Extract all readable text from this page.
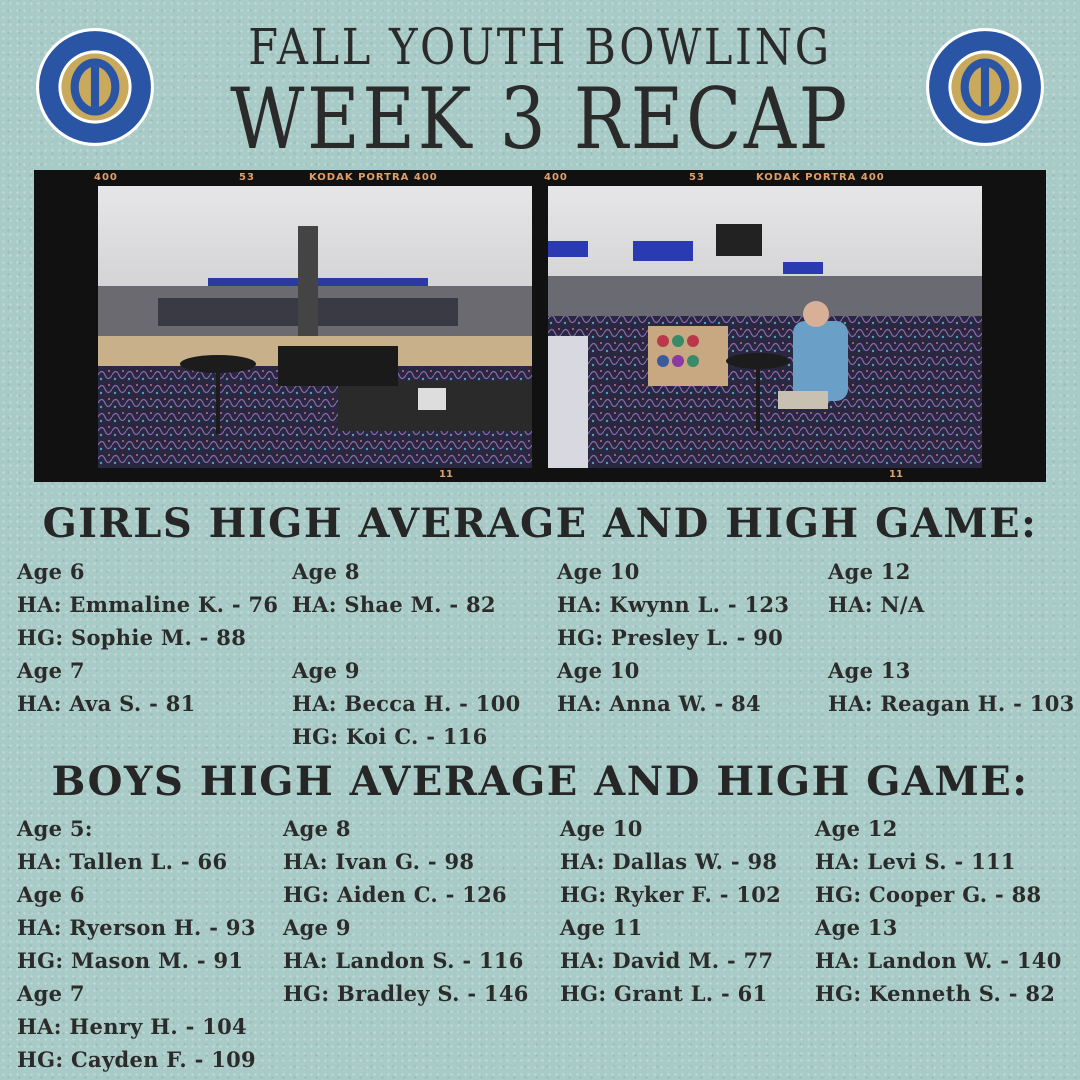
FALL YOUTH BOWLING
WEEK 3 RECAP
400	53	KODAK PORTRA 400	400	53	KODAK PORTRA 400
11	11
GIRLS HIGH AVERAGE AND HIGH GAME:
Age 6
HA: Emmaline K. - 76
HG: Sophie M. - 88
Age 7
HA: Ava S. - 81
Age 8
HA: Shae M. - 82
Age 9
HA: Becca H. - 100
HG: Koi C. - 116
Age 10
HA: Kwynn L. - 123
HG: Presley L. - 90
Age 10
HA: Anna W. - 84
Age 12
HA: N/A
Age 13
HA: Reagan H. - 103
BOYS HIGH AVERAGE AND HIGH GAME:
Age 5:
HA: Tallen L. - 66
Age 6
HA: Ryerson H. - 93
HG: Mason M. - 91
Age 7
HA: Henry H. - 104
HG: Cayden F. - 109
Age 8
HA: Ivan G. - 98
HG: Aiden C. - 126
Age 9
HA: Landon S. - 116
HG: Bradley S. - 146
Age 10
HA: Dallas W. - 98
HG: Ryker F. - 102
Age 11
HA: David M. - 77
HG: Grant L. - 61
Age 12
HA: Levi S. - 111
HG: Cooper G. - 88
Age 13
HA: Landon W. - 140
HG: Kenneth S. - 82
